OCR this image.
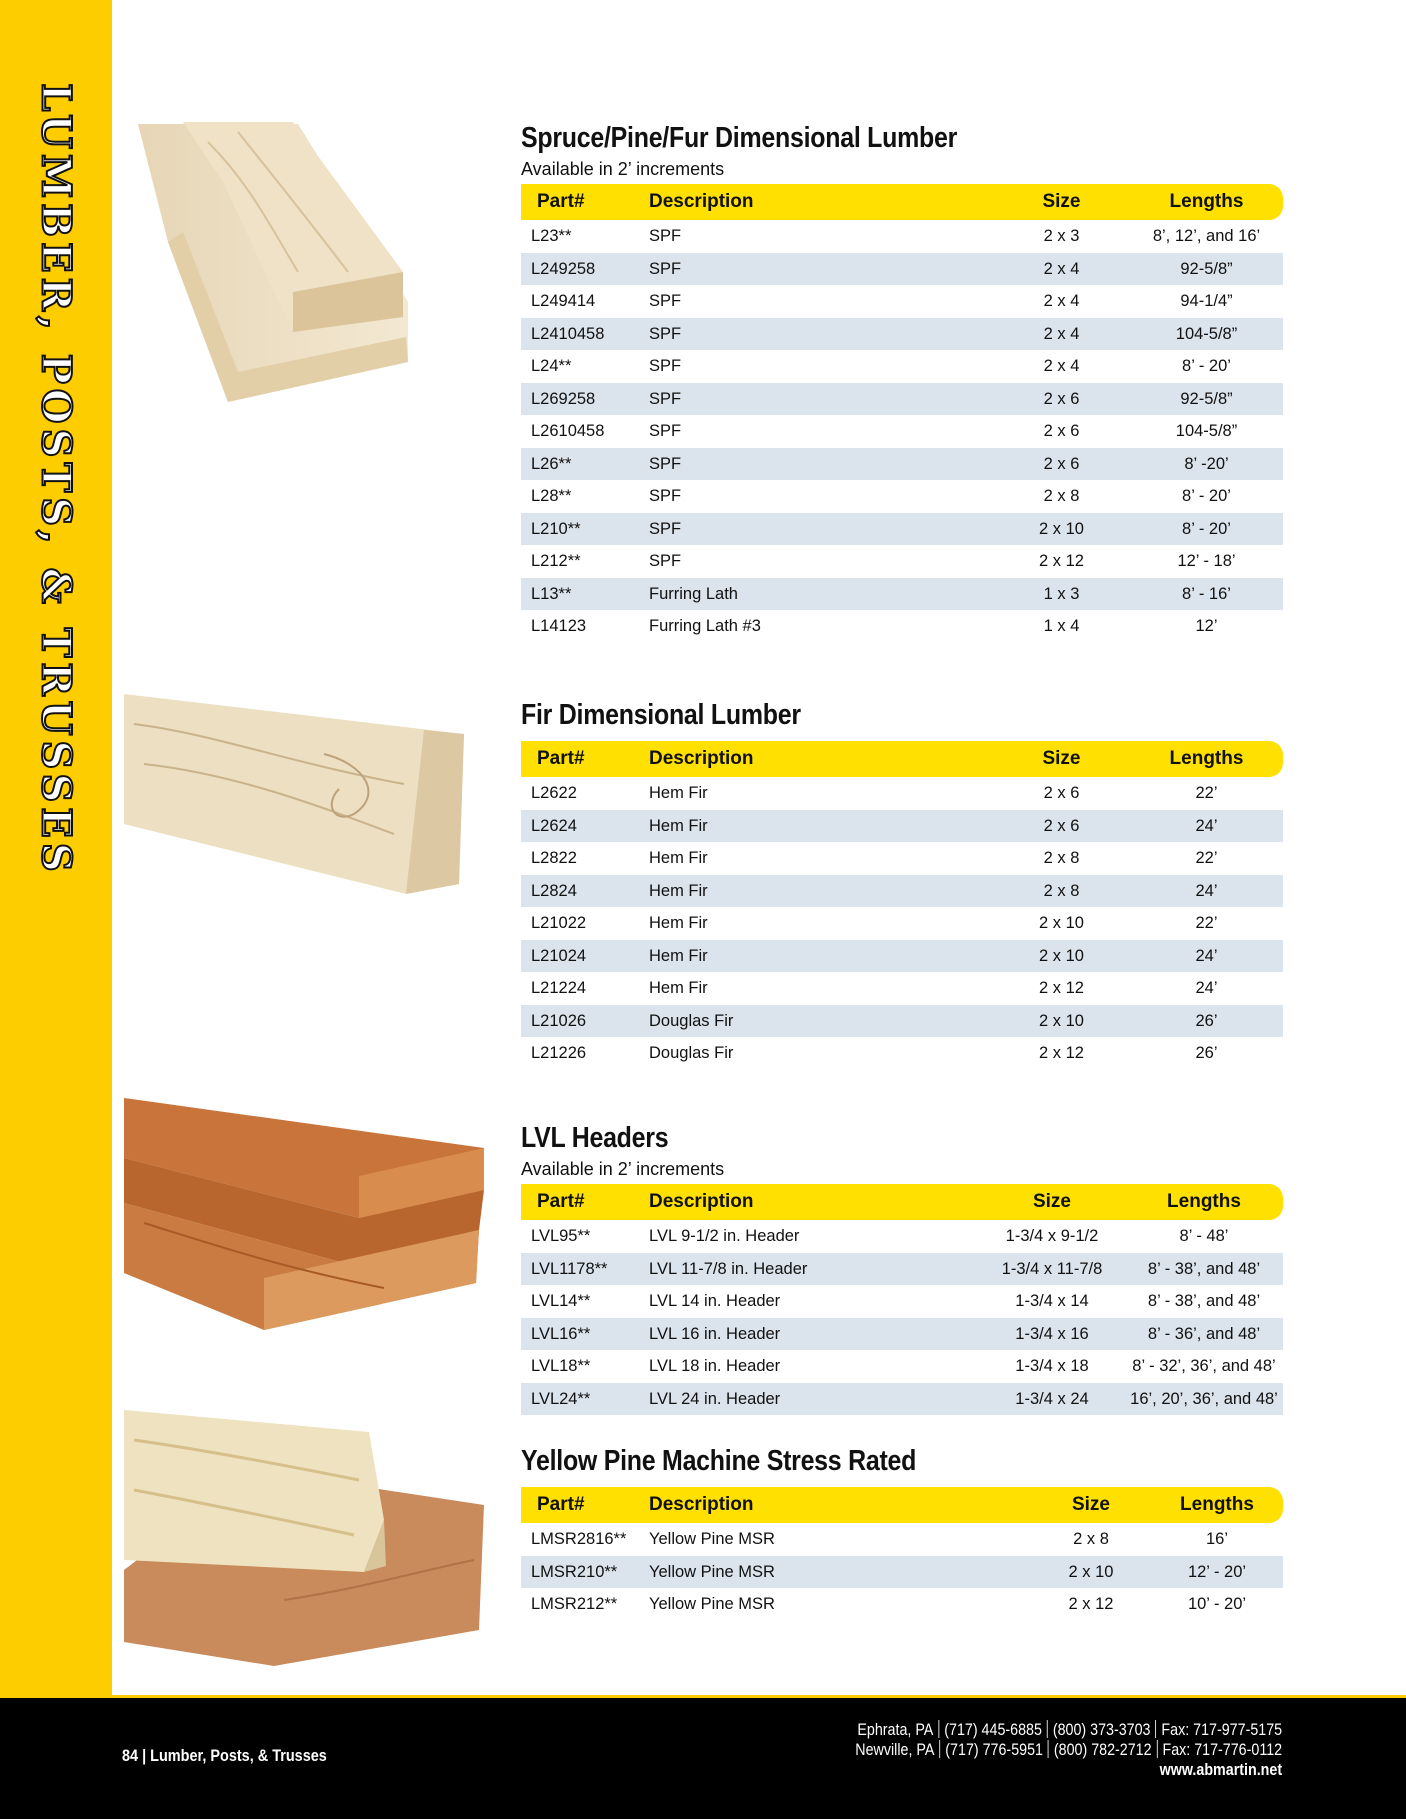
LUMBER, POSTS, & TRUSSES	Spruce/Pine/Fur Dimensional Lumber
Available in 2’ increments
Part#	Description	Size	Lengths
L23**	SPF	2 x 3	8’, 12’, and 16’
L249258	SPF	2 x 4	92-5/8”
L249414	SPF	2 x 4	94-1/4”
L2410458	SPF	2 x 4	104-5/8”
L24**	SPF	2 x 4	8’ - 20’
L269258	SPF	2 x 6	92-5/8”
L2610458	SPF	2 x 6	104-5/8”
L26**	SPF	2 x 6	8’ -20’
L28**	SPF	2 x 8	8’ - 20’
L210**	SPF	2 x 10	8’ - 20’
L212**	SPF	2 x 12	12’ - 18’
L13**	Furring Lath	1 x 3	8’ - 16’
L14123	Furring Lath #3	1 x 4	12’
Fir Dimensional Lumber
Part#	Description	Size	Lengths
L2622	Hem Fir	2 x 6	22’
L2624	Hem Fir	2 x 6	24’
L2822	Hem Fir	2 x 8	22’
L2824	Hem Fir	2 x 8	24’
L21022	Hem Fir	2 x 10	22’
L21024	Hem Fir	2 x 10	24’
L21224	Hem Fir	2 x 12	24’
L21026	Douglas Fir	2 x 10	26’
L21226	Douglas Fir	2 x 12	26’
LVL Headers
Available in 2’ increments
Part#	Description	Size	Lengths
LVL95**	LVL 9-1/2 in. Header	1-3/4 x 9-1/2	8’ - 48’
LVL1178**	LVL 11-7/8 in. Header	1-3/4 x 11-7/8	8’ - 38’, and 48’
LVL14**	LVL 14 in. Header	1-3/4 x 14	8’ - 38’, and 48’
LVL16**	LVL 16 in. Header	1-3/4 x 16	8’ - 36’, and 48’
LVL18**	LVL 18 in. Header	1-3/4 x 18	8’ - 32’, 36’, and 48’
LVL24**	LVL 24 in. Header	1-3/4 x 24	16’, 20’, 36’, and 48’
Yellow Pine Machine Stress Rated
Part#	Description	Size	Lengths
LMSR2816**	Yellow Pine MSR	2 x 8	16’
LMSR210**	Yellow Pine MSR	2 x 10	12’ - 20’
LMSR212**	Yellow Pine MSR	2 x 12	10’ - 20’
84 | Lumber, Posts, & Trusses
Ephrata, PA (717) 445-6885 (800) 373-3703 Fax: 717-977-5175
Newville, PA (717) 776-5951 (800) 782-2712 Fax: 717-776-0112
www.abmartin.net
